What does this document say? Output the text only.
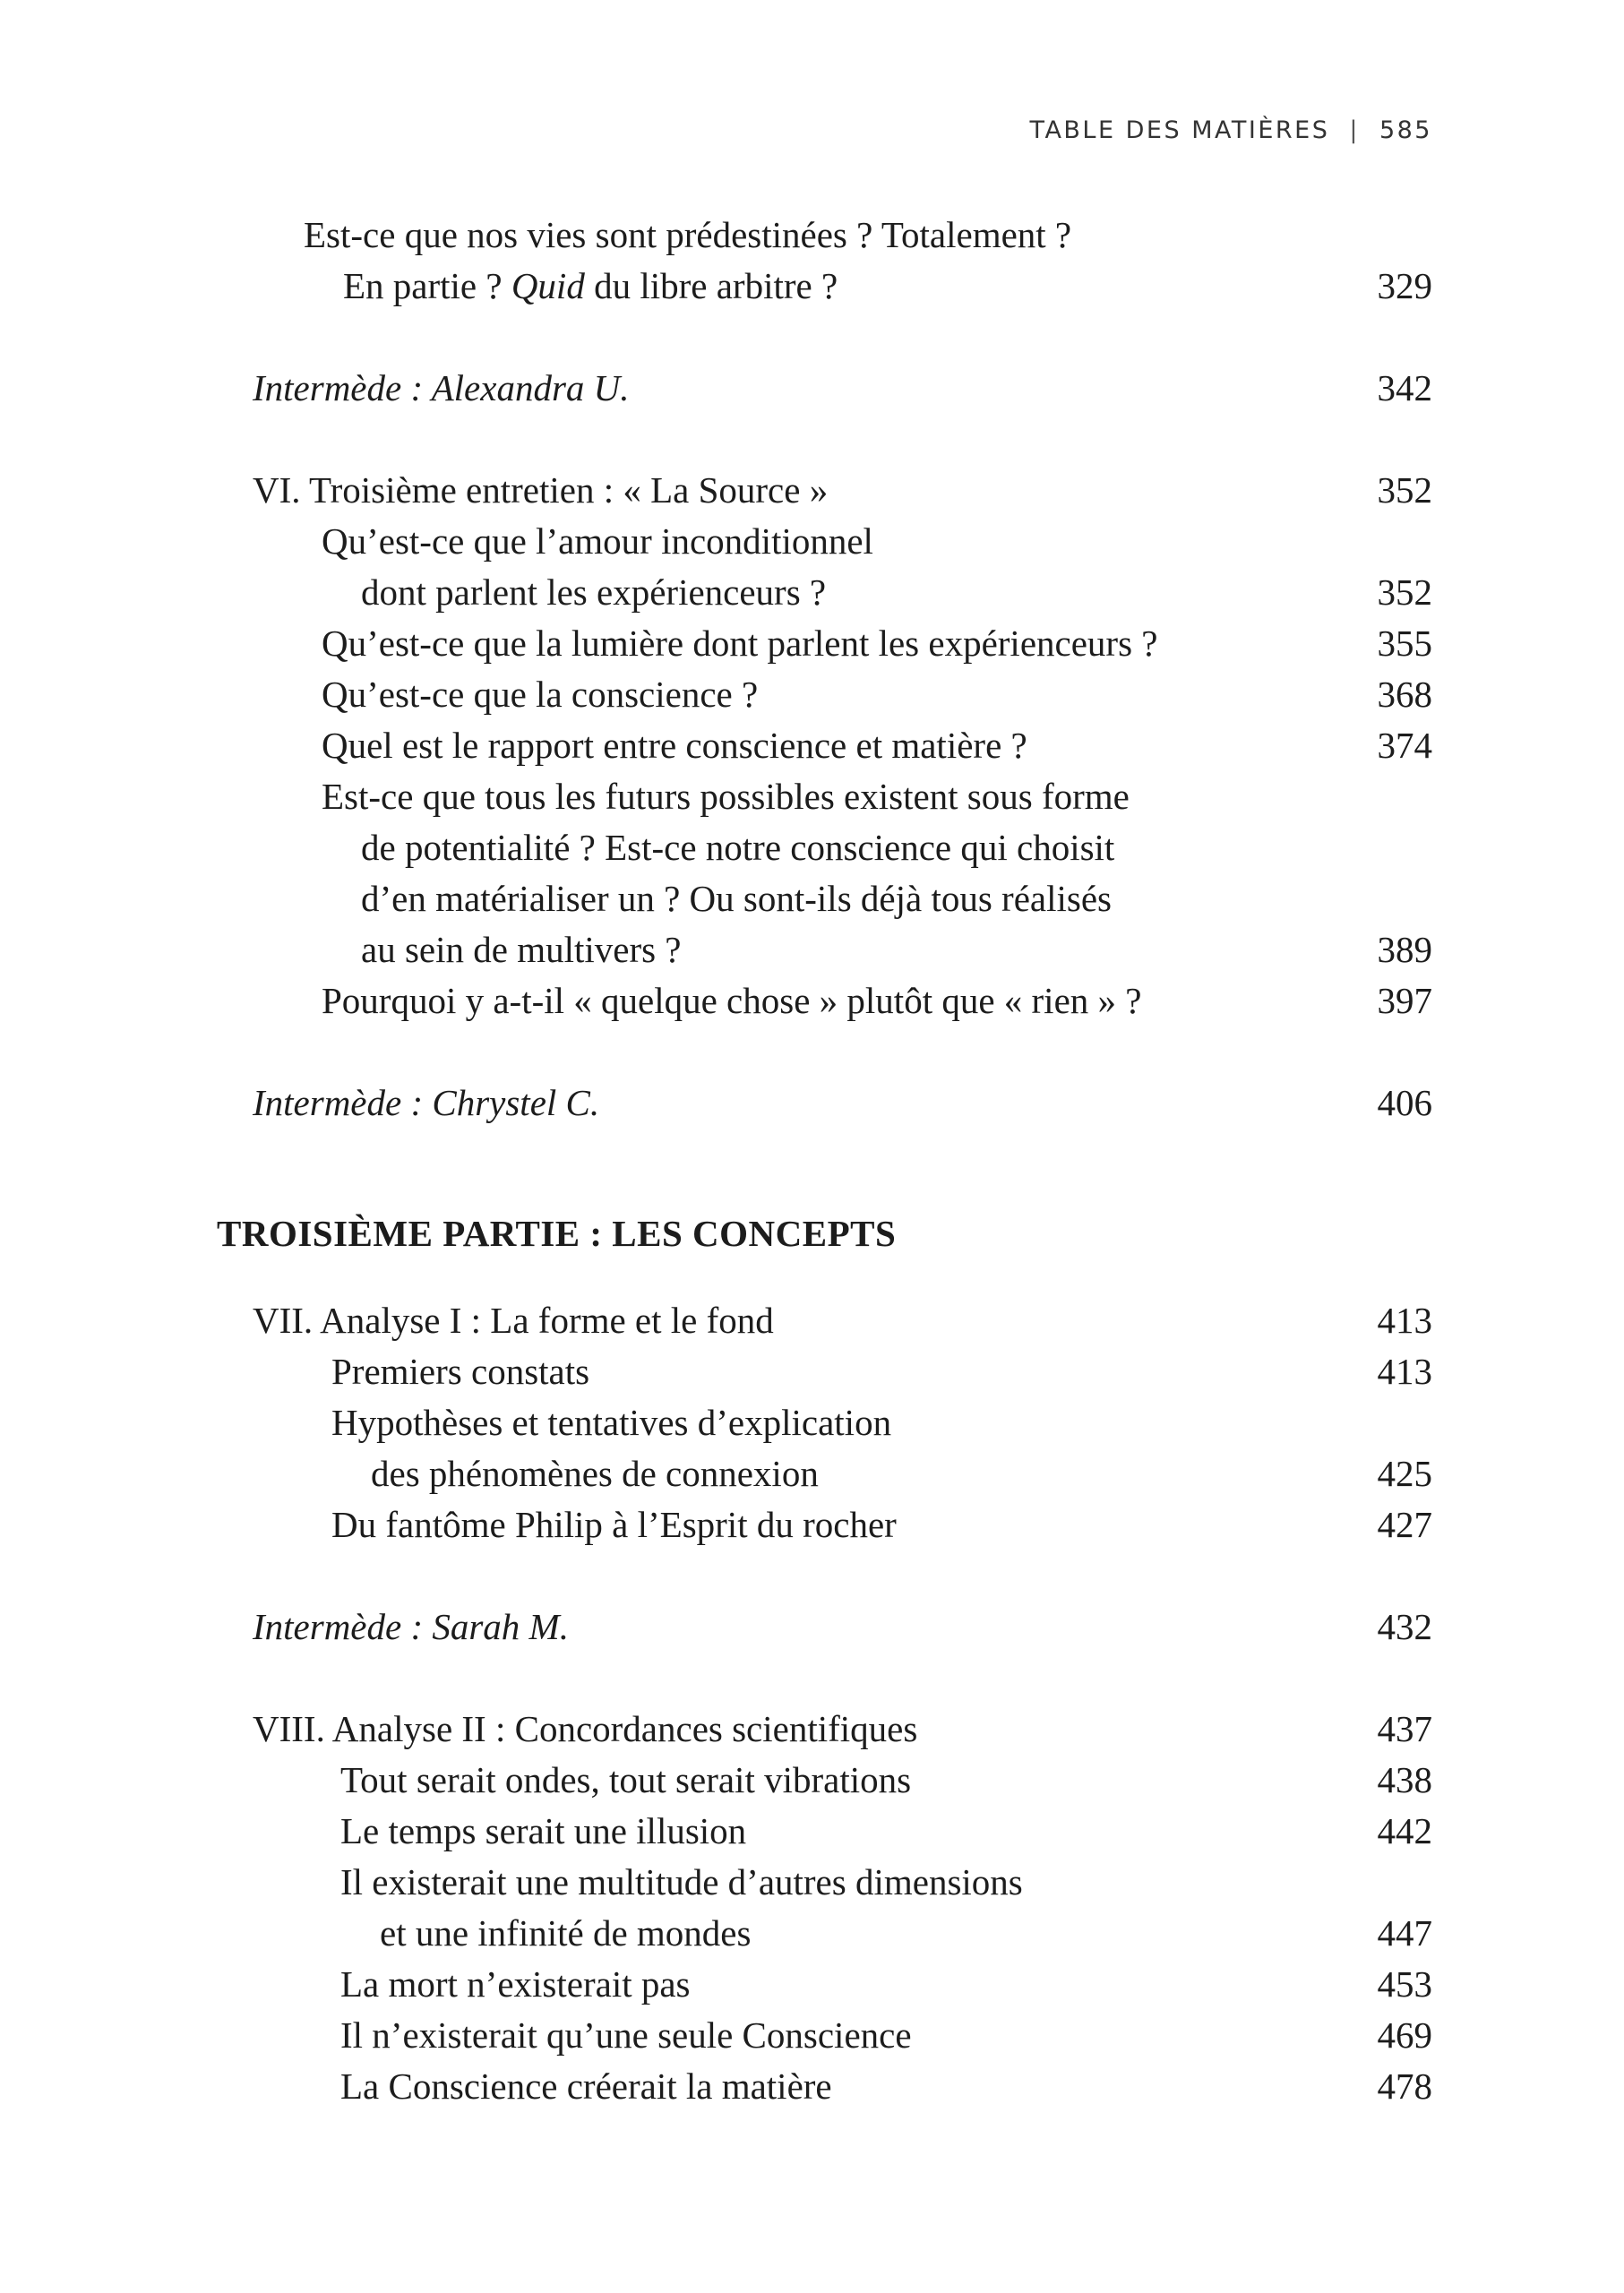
TABLE DES MATIÈRES | 585
Est-ce que nos vies sont prédestinées ? Totalement ?
En partie ? Quid du libre arbitre ?	329
Intermède : Alexandra U.	342
VI. Troisième entretien : « La Source »	352
Qu’est-ce que l’amour inconditionnel
dont parlent les expérienceurs ?	352
Qu’est-ce que la lumière dont parlent les expérienceurs ?	355
Qu’est-ce que la conscience ?	368
Quel est le rapport entre conscience et matière ?	374
Est-ce que tous les futurs possibles existent sous forme
de potentialité ? Est-ce notre conscience qui choisit
d’en matérialiser un ? Ou sont-ils déjà tous réalisés
au sein de multivers ?	389
Pourquoi y a-t-il « quelque chose » plutôt que « rien » ?	397
Intermède : Chrystel C.	406
TROISIÈME PARTIE : LES CONCEPTS
VII. Analyse I : La forme et le fond	413
Premiers constats	413
Hypothèses et tentatives d’explication
des phénomènes de connexion	425
Du fantôme Philip à l’Esprit du rocher	427
Intermède : Sarah M.	432
VIII. Analyse II : Concordances scientifiques	437
Tout serait ondes, tout serait vibrations	438
Le temps serait une illusion	442
Il existerait une multitude d’autres dimensions
et une infinité de mondes	447
La mort n’existerait pas	453
Il n’existerait qu’une seule Conscience	469
La Conscience créerait la matière	478
